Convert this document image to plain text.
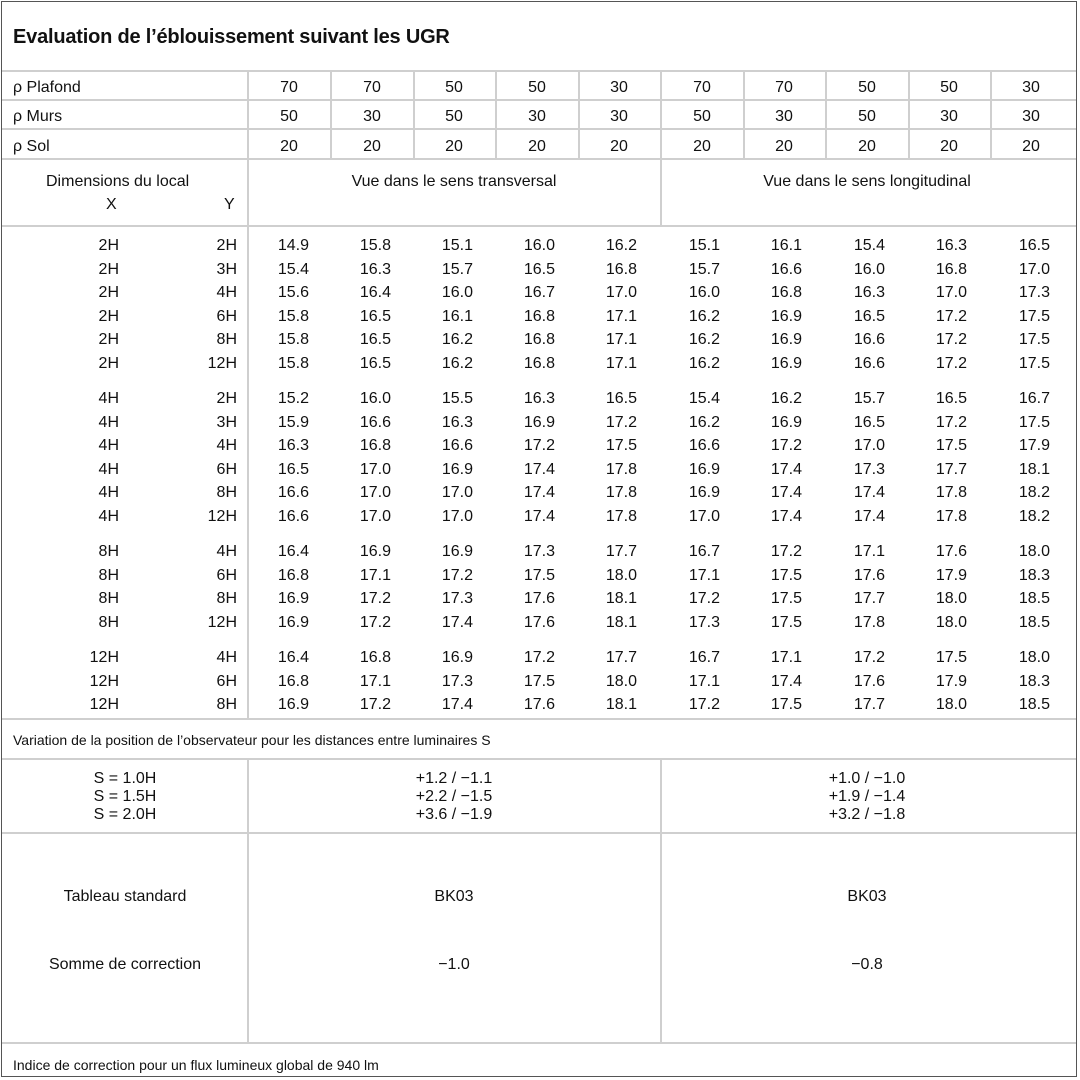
Evaluation de l’éblouissement suivant les UGR
ρ Plafond	70	70	50	50	30	70	70	50	50	30
ρ Murs	50	30	50	30	30	50	30	50	30	30
ρ Sol	20	20	20	20	20	20	20	20	20	20
Dimensions du local
X	Y
Vue dans le sens transversal	Vue dans le sens longitudinal
2H	2H	14.9	15.8	15.1	16.0	16.2	15.1	16.1	15.4	16.3	16.5
2H	3H	15.4	16.3	15.7	16.5	16.8	15.7	16.6	16.0	16.8	17.0
2H	4H	15.6	16.4	16.0	16.7	17.0	16.0	16.8	16.3	17.0	17.3
2H	6H	15.8	16.5	16.1	16.8	17.1	16.2	16.9	16.5	17.2	17.5
2H	8H	15.8	16.5	16.2	16.8	17.1	16.2	16.9	16.6	17.2	17.5
2H	12H	15.8	16.5	16.2	16.8	17.1	16.2	16.9	16.6	17.2	17.5
4H	2H	15.2	16.0	15.5	16.3	16.5	15.4	16.2	15.7	16.5	16.7
4H	3H	15.9	16.6	16.3	16.9	17.2	16.2	16.9	16.5	17.2	17.5
4H	4H	16.3	16.8	16.6	17.2	17.5	16.6	17.2	17.0	17.5	17.9
4H	6H	16.5	17.0	16.9	17.4	17.8	16.9	17.4	17.3	17.7	18.1
4H	8H	16.6	17.0	17.0	17.4	17.8	16.9	17.4	17.4	17.8	18.2
4H	12H	16.6	17.0	17.0	17.4	17.8	17.0	17.4	17.4	17.8	18.2
8H	4H	16.4	16.9	16.9	17.3	17.7	16.7	17.2	17.1	17.6	18.0
8H	6H	16.8	17.1	17.2	17.5	18.0	17.1	17.5	17.6	17.9	18.3
8H	8H	16.9	17.2	17.3	17.6	18.1	17.2	17.5	17.7	18.0	18.5
8H	12H	16.9	17.2	17.4	17.6	18.1	17.3	17.5	17.8	18.0	18.5
12H	4H	16.4	16.8	16.9	17.2	17.7	16.7	17.1	17.2	17.5	18.0
12H	6H	16.8	17.1	17.3	17.5	18.0	17.1	17.4	17.6	17.9	18.3
12H	8H	16.9	17.2	17.4	17.6	18.1	17.2	17.5	17.7	18.0	18.5
Variation de la position de l’observateur pour les distances entre luminaires S
S = 1.0H	+1.2 / −1.1	+1.0 / −1.0
S = 1.5H	+2.2 / −1.5	+1.9 / −1.4
S = 2.0H	+3.6 / −1.9	+3.2 / −1.8
Tableau standard	BK03	BK03
Somme de correction	−1.0	−0.8
Indice de correction pour un flux lumineux global de 940 lm
